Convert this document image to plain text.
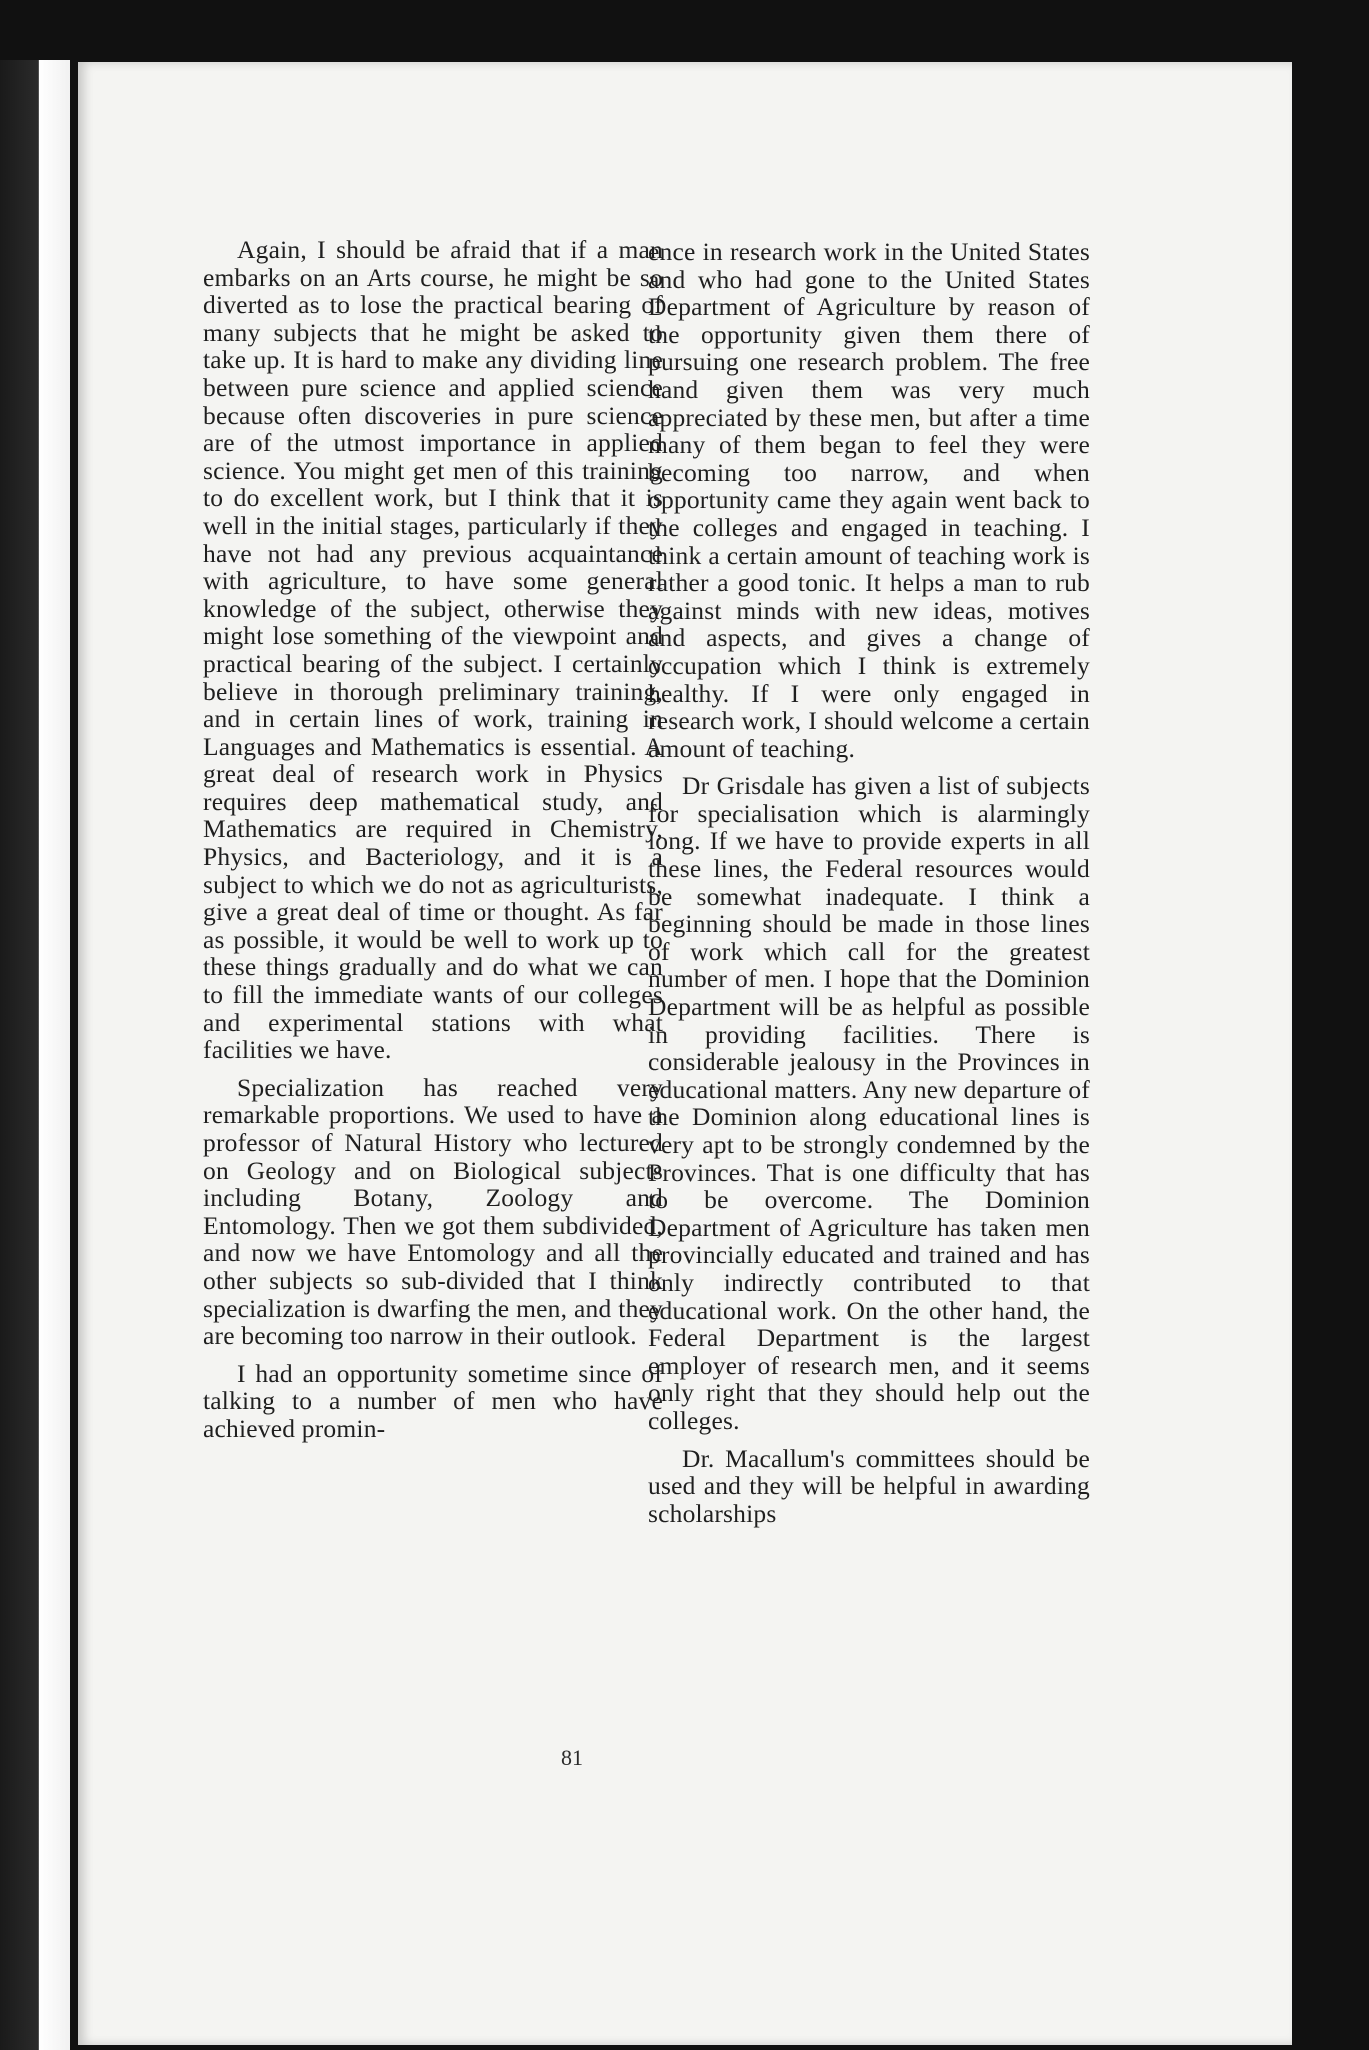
Again, I should be afraid that if a man embarks on an Arts course, he might be so diverted as to lose the practical bearing of many subjects that he might be asked to take up. It is hard to make any dividing line between pure science and applied science because often discoveries in pure science are of the utmost importance in applied science. You might get men of this training to do excellent work, but I think that it is well in the initial stages, particularly if they have not had any previous acquaintance with agriculture, to have some general knowledge of the subject, otherwise they might lose something of the viewpoint and practical bearing of the subject. I certainly believe in thorough preliminary training, and in certain lines of work, training in Languages and Mathematics is essential. A great deal of research work in Physics requires deep mathematical study, and Mathematics are required in Chemistry, Physics, and Bacteriology, and it is a subject to which we do not as agriculturists, give a great deal of time or thought. As far as possible, it would be well to work up to these things gradually and do what we can to fill the immediate wants of our colleges and experimental stations with what facilities we have.

Specialization has reached very remarkable proportions. We used to have a professor of Natural History who lectured on Geology and on Biological subjects including Botany, Zoology and Entomology. Then we got them subdivided, and now we have Entomology and all the other subjects so sub-divided that I think specialization is dwarfing the men, and they are becoming too narrow in their outlook.

I had an opportunity sometime since of talking to a number of men who have achieved promin-

ence in research work in the United States and who had gone to the United States Department of Agriculture by reason of the opportunity given them there of pursuing one research problem. The free hand given them was very much appreciated by these men, but after a time many of them began to feel they were becoming too narrow, and when opportunity came they again went back to the colleges and engaged in teaching. I think a certain amount of teaching work is rather a good tonic. It helps a man to rub against minds with new ideas, motives and aspects, and gives a change of occupation which I think is extremely healthy. If I were only engaged in research work, I should welcome a certain amount of teaching.

Dr Grisdale has given a list of subjects for specialisation which is alarmingly long. If we have to provide experts in all these lines, the Federal resources would be somewhat inadequate. I think a beginning should be made in those lines of work which call for the greatest number of men. I hope that the Dominion Department will be as helpful as possible in providing facilities. There is considerable jealousy in the Provinces in educational matters. Any new departure of the Dominion along educational lines is very apt to be strongly condemned by the Provinces. That is one difficulty that has to be overcome. The Dominion Department of Agriculture has taken men provincially educated and trained and has only indirectly contributed to that educational work. On the other hand, the Federal Department is the largest employer of research men, and it seems only right that they should help out the colleges.

Dr. Macallum's committees should be used and they will be helpful in awarding scholarships

81
